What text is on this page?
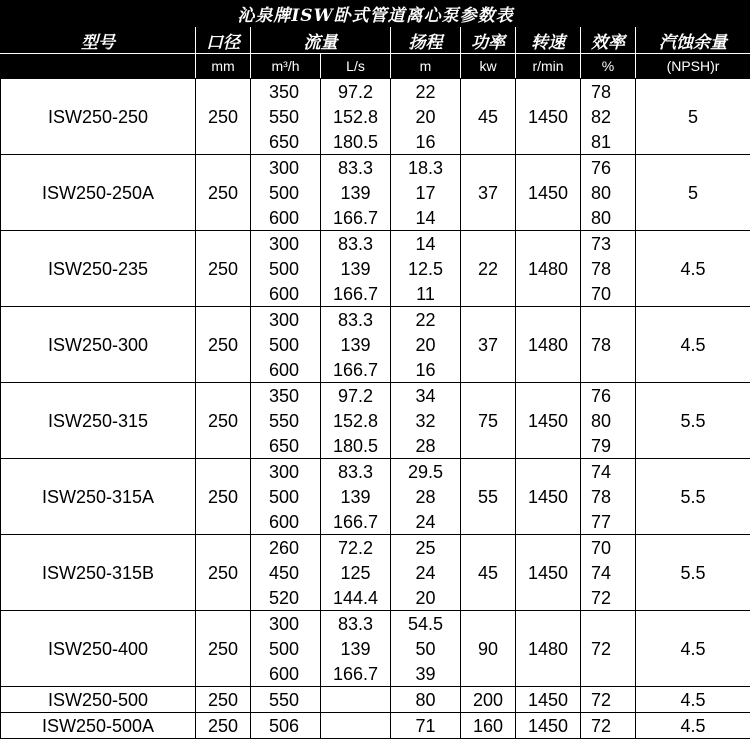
沁泉牌ISW卧式管道离心泵参数表								
型号	口径	流量		扬程	功率	转速	效率	汽蚀余量
	mm	m³/h	L/s	m	kw	r/min	%	(NPSH)r
ISW250-250	250	350	97.2	22	45	1450	78	5
		550	152.8	20			82	
		650	180.5	16			81	
ISW250-250A	250	300	83.3	18.3	37	1450	76	5
		500	139	17			80	
		600	166.7	14			80	
ISW250-235	250	300	83.3	14	22	1480	73	4.5
		500	139	12.5			78	
		600	166.7	11			70	
ISW250-300	250	300	83.3	22	37	1480	78	4.5
		500	139	20				
		600	166.7	16				
ISW250-315	250	350	97.2	34	75	1450	76	5.5
		550	152.8	32			80	
		650	180.5	28			79	
ISW250-315A	250	300	83.3	29.5	55	1450	74	5.5
		500	139	28			78	
		600	166.7	24			77	
ISW250-315B	250	260	72.2	25	45	1450	70	5.5
		450	125	24			74	
		520	144.4	20			72	
ISW250-400	250	300	83.3	54.5	90	1480	72	4.5
		500	139	50				
		600	166.7	39				
ISW250-500	250	550		80	200	1450	72	4.5
ISW250-500A	250	506		71	160	1450	72	4.5
